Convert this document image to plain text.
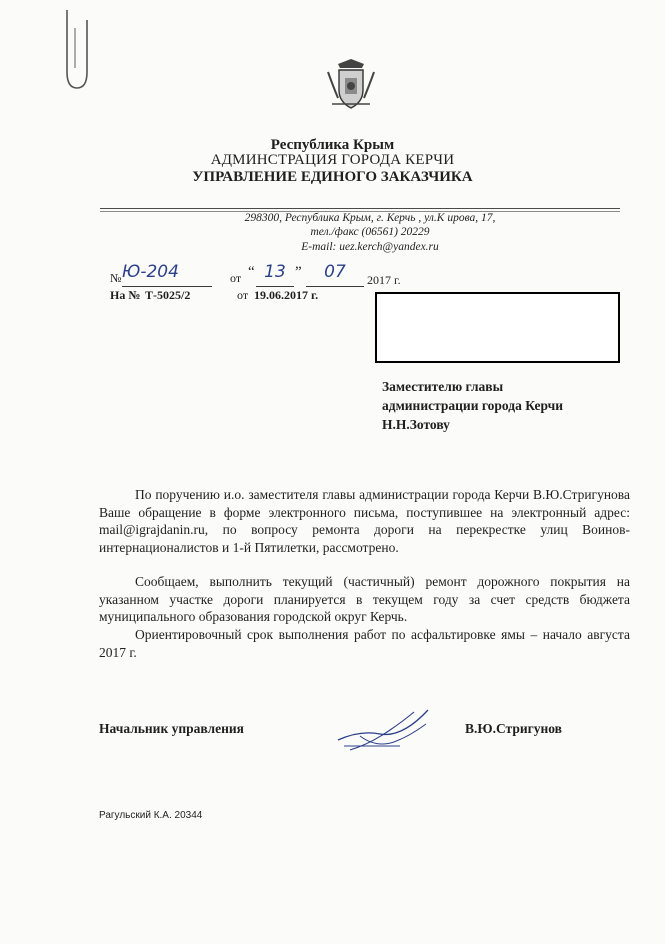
Республика Крым
АДМИНСТРАЦИЯ ГОРОДА КЕРЧИ
УПРАВЛЕНИЕ ЕДИНОГО ЗАКАЗЧИКА
298300, Республика Крым, г. Керчь , ул.К ирова, 17,
тел./факс (06561) 20229
E-mail: uez.kerch@yandex.ru
№ Ю-204	от “ 13 ”	07	2017 г.
На № Т-5025/2	от 19.06.2017 г.
Заместителю главы
администрации города Керчи
Н.Н.Зотову
По поручению и.о. заместителя главы администрации города Керчи В.Ю.Стригунова Ваше обращение в форме электронного письма, поступившее на электронный адрес: mail@igrajdanin.ru, по вопросу ремонта дороги на перекрестке улиц Воинов-интернационалистов и 1-й Пятилетки, рассмотрено.
Сообщаем, выполнить текущий (частичный) ремонт дорожного покрытия на указанном участке дороги планируется в текущем году за счет средств бюджета муниципального образования городской округ Керчь.
Ориентировочный срок выполнения работ по асфальтировке ямы – начало августа 2017 г.
Начальник управления	В.Ю.Стригунов
Рагульский К.А. 20344
